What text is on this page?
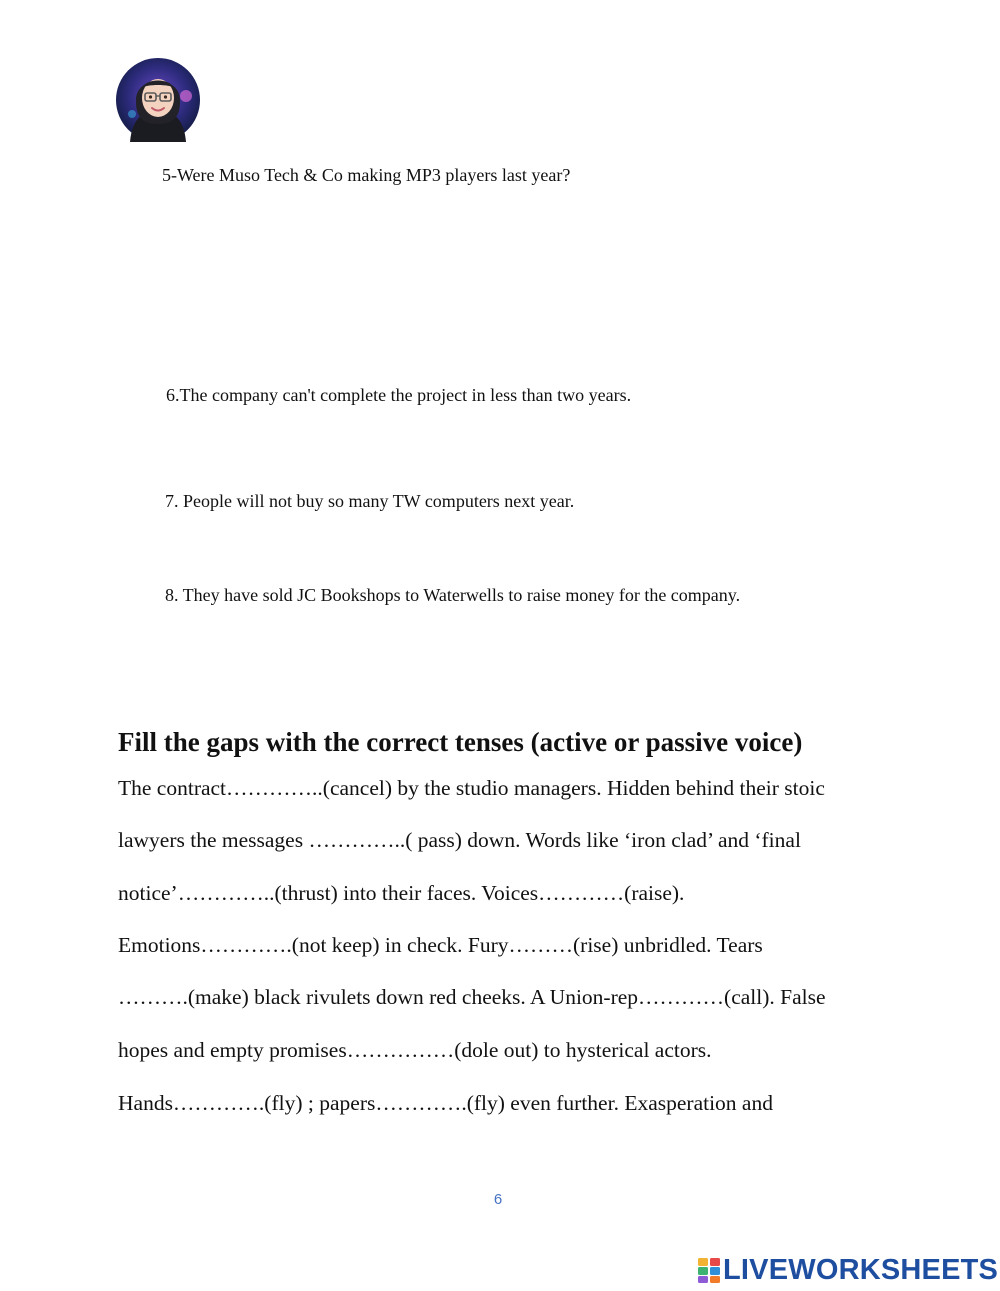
5-Were Muso Tech & Co making MP3 players last year?

6.The company can't complete the project in less than two years.

7. People will not buy so many TW computers next year.

8. They have sold JC Bookshops to Waterwells to raise money for the company.

Fill the gaps with the correct tenses (active or passive voice)

The contract…………..(cancel) by the studio managers. Hidden behind their stoic

lawyers the messages …………..( pass) down. Words like ‘iron clad’ and ‘final

notice’…………..(thrust) into their faces. Voices…………(raise).

Emotions………….(not keep) in check. Fury………(rise) unbridled. Tears

……….(make) black rivulets down red cheeks. A Union-rep…………(call). False

hopes and empty promises……………(dole out) to hysterical actors.

Hands………….(fly) ; papers………….(fly) even further. Exasperation and

6
LIVEWORKSHEETS
